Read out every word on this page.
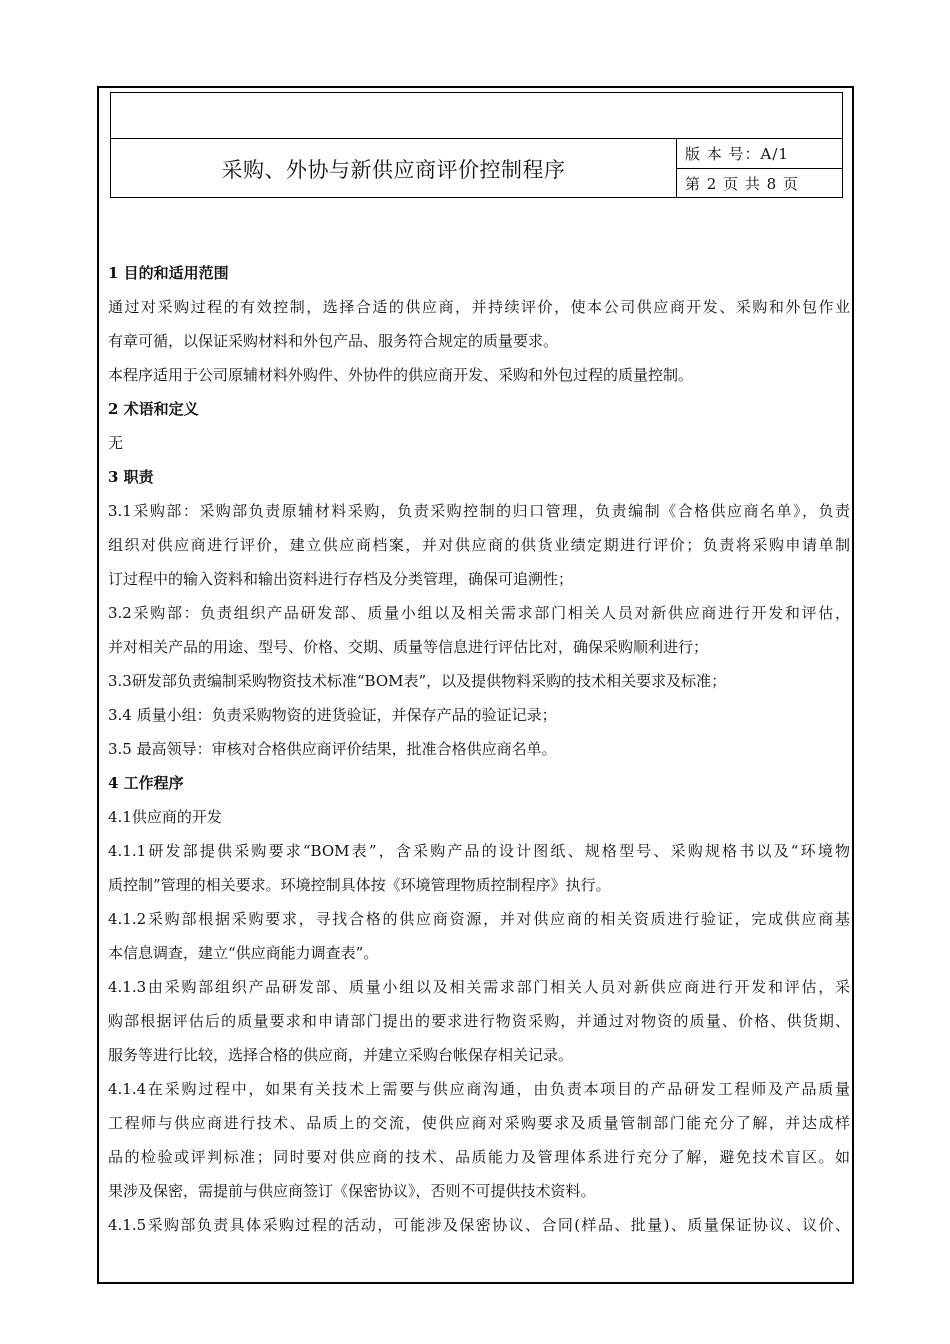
采购、外协与新供应商评价控制程序
版 本 号：A/1
第 2 页 共 8 页
1 目的和适用范围
通过对采购过程的有效控制，选择合适的供应商，并持续评价，使本公司供应商开发、采购和外包作业
有章可循，以保证采购材料和外包产品、服务符合规定的质量要求。
本程序适用于公司原辅材料外购件、外协件的供应商开发、采购和外包过程的质量控制。
2 术语和定义
无
3 职责
3.1采购部：采购部负责原辅材料采购，负责采购控制的归口管理，负责编制《合格供应商名单》，负责
组织对供应商进行评价，建立供应商档案，并对供应商的供货业绩定期进行评价；负责将采购申请单制
订过程中的输入资料和输出资料进行存档及分类管理，确保可追溯性；
3.2采购部：负责组织产品研发部、质量小组以及相关需求部门相关人员对新供应商进行开发和评估，
并对相关产品的用途、型号、价格、交期、质量等信息进行评估比对，确保采购顺利进行；
3.3研发部负责编制采购物资技术标准“BOM表”，以及提供物料采购的技术相关要求及标准；
3.4 质量小组：负责采购物资的进货验证，并保存产品的验证记录；
3.5 最高领导：审核对合格供应商评价结果，批准合格供应商名单。
4 工作程序
4.1供应商的开发
4.1.1研发部提供采购要求“BOM表”，含采购产品的设计图纸、规格型号、采购规格书以及“环境物
质控制”管理的相关要求。环境控制具体按《环境管理物质控制程序》执行。
4.1.2采购部根据采购要求，寻找合格的供应商资源，并对供应商的相关资质进行验证，完成供应商基
本信息调查，建立“供应商能力调查表”。
4.1.3由采购部组织产品研发部、质量小组以及相关需求部门相关人员对新供应商进行开发和评估，采
购部根据评估后的质量要求和申请部门提出的要求进行物资采购，并通过对物资的质量、价格、供货期、
服务等进行比较，选择合格的供应商，并建立采购台帐保存相关记录。
4.1.4在采购过程中，如果有关技术上需要与供应商沟通，由负责本项目的产品研发工程师及产品质量
工程师与供应商进行技术、品质上的交流，使供应商对采购要求及质量管制部门能充分了解，并达成样
品的检验或评判标准；同时要对供应商的技术、品质能力及管理体系进行充分了解，避免技术盲区。如
果涉及保密，需提前与供应商签订《保密协议》，否则不可提供技术资料。
4.1.5采购部负责具体采购过程的活动，可能涉及保密协议、合同(样品、批量)、质量保证协议、议价、
